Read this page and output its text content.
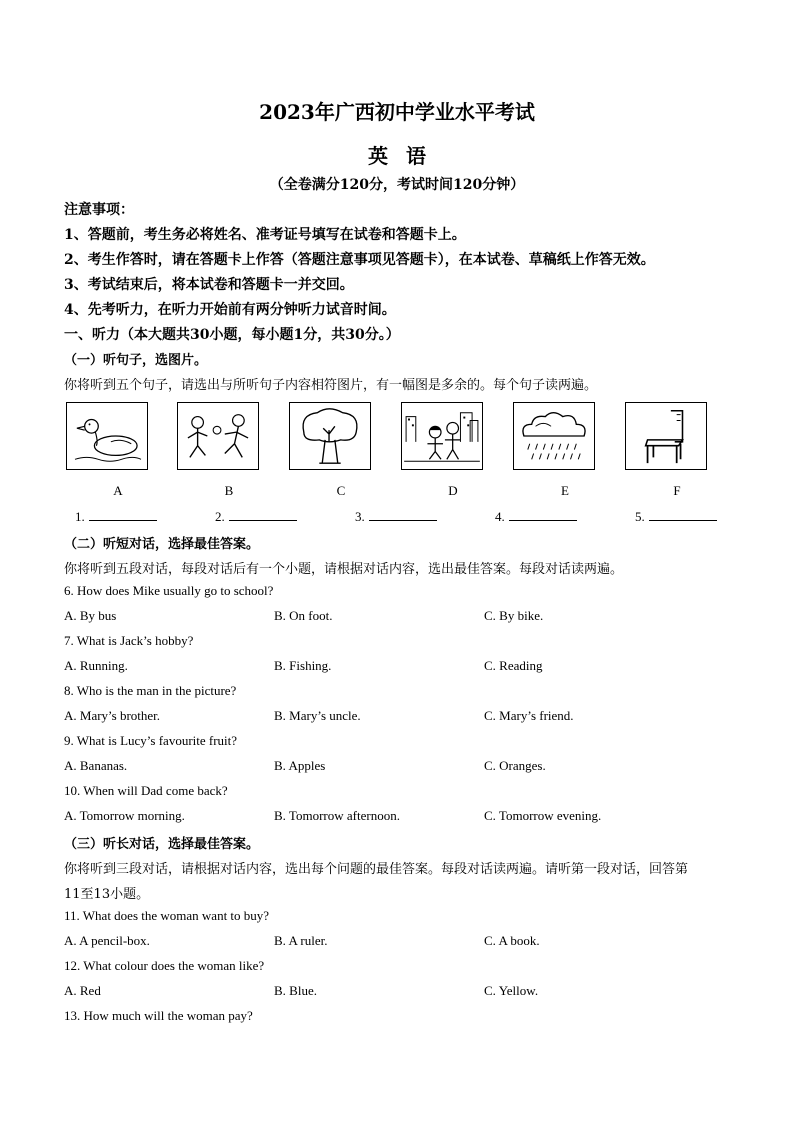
2023年广西初中学业水平考试
英语
（全卷满分120分，考试时间120分钟）
注意事项：
1、答题前，考生务必将姓名、准考证号填写在试卷和答题卡上。
2、考生作答时，请在答题卡上作答（答题注意事项见答题卡），在本试卷、草稿纸上作答无效。
3、考试结束后，将本试卷和答题卡一并交回。
4、先考听力，在听力开始前有两分钟听力试音时间。
一、听力（本大题共30小题，每小题1分，共30分。）
（一）听句子，选图片。
你将听到五个句子，请选出与所听句子内容相符图片，有一幅图是多余的。每个句子读两遍。
A	B	C	D	E	F
1.	2.	3.	4.	5.
（二）听短对话，选择最佳答案。
你将听到五段对话，每段对话后有一个小题，请根据对话内容，选出最佳答案。每段对话读两遍。
6. How does Mike usually go to school?
A. By bus	B. On foot.	C. By bike.
7. What is Jack’s hobby?
A. Running.	B. Fishing.	C. Reading
8. Who is the man in the picture?
A. Mary’s brother.	B. Mary’s uncle.	C. Mary’s friend.
9. What is Lucy’s favourite fruit?
A. Bananas.	B. Apples	C. Oranges.
10. When will Dad come back?
A. Tomorrow morning.	B. Tomorrow afternoon.	C. Tomorrow evening.
（三）听长对话，选择最佳答案。
你将听到三段对话，请根据对话内容，选出每个问题的最佳答案。每段对话读两遍。请听第一段对话，回答第
11至13小题。
11. What does the woman want to buy?
A. A pencil-box.	B. A ruler.	C. A book.
12. What colour does the woman like?
A. Red	B. Blue.	C. Yellow.
13. How much will the woman pay?
